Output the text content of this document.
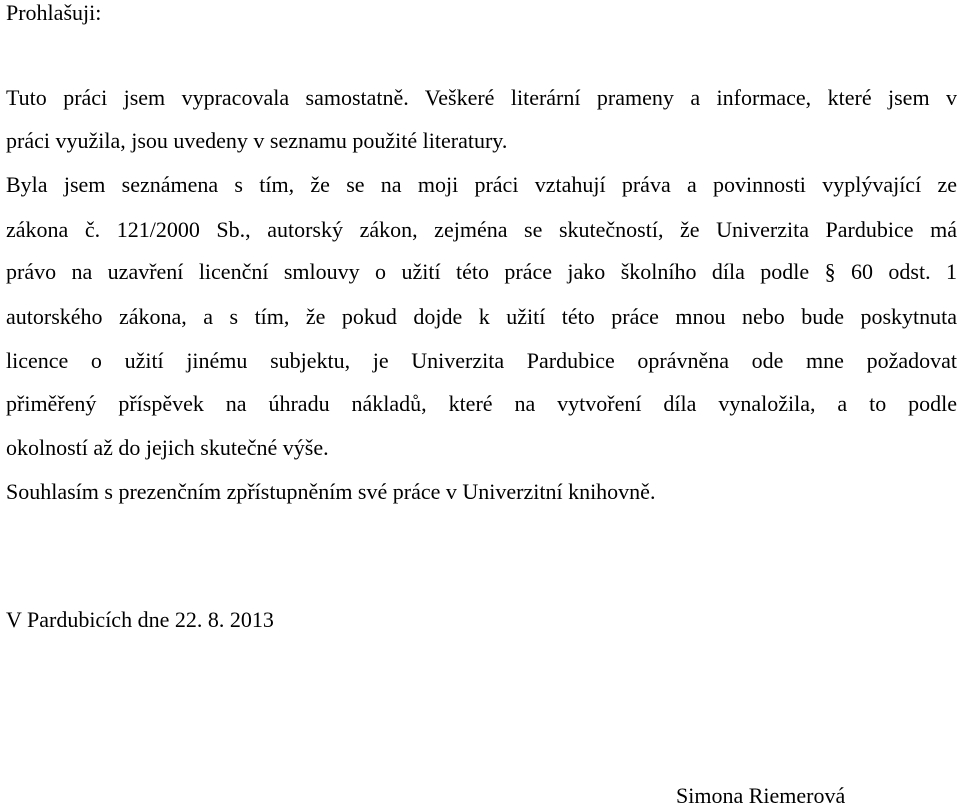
Prohlašuji:
Tuto práci jsem vypracovala samostatně. Veškeré literární prameny a informace, které jsem v
práci využila, jsou uvedeny v seznamu použité literatury.
Byla jsem seznámena s tím, že se na moji práci vztahují práva a povinnosti vyplývající ze
zákona č. 121/2000 Sb., autorský zákon, zejména se skutečností, že Univerzita Pardubice má
právo na uzavření licenční smlouvy o užití této práce jako školního díla podle § 60 odst. 1
autorského zákona, a s tím, že pokud dojde k užití této práce mnou nebo bude poskytnuta
licence o užití jinému subjektu, je Univerzita Pardubice oprávněna ode mne požadovat
přiměřený příspěvek na úhradu nákladů, které na vytvoření díla vynaložila, a to podle
okolností až do jejich skutečné výše.
Souhlasím s prezenčním zpřístupněním své práce v Univerzitní knihovně.
V Pardubicích dne 22. 8. 2013
Simona Riemerová
